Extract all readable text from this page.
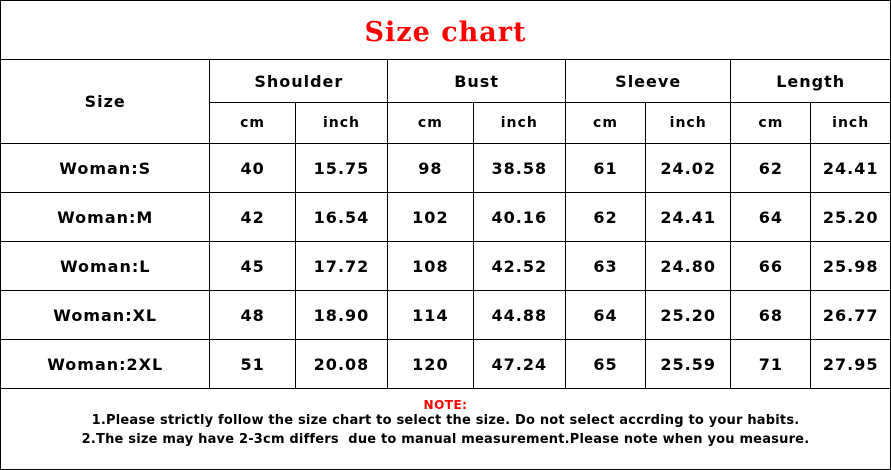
Size chart
Size	Shoulder		Bust		Sleeve		Length	
	cm	inch	cm	inch	cm	inch	cm	inch
Woman:S	40	15.75	98	38.58	61	24.02	62	24.41
Woman:M	42	16.54	102	40.16	62	24.41	64	25.20
Woman:L	45	17.72	108	42.52	63	24.80	66	25.98
Woman:XL	48	18.90	114	44.88	64	25.20	68	26.77
Woman:2XL	51	20.08	120	47.24	65	25.59	71	27.95
NOTE:
1.Please strictly follow the size chart to select the size. Do not select accrding to your habits.
2.The size may have 2-3cm differs  due to manual measurement.Please note when you measure.
